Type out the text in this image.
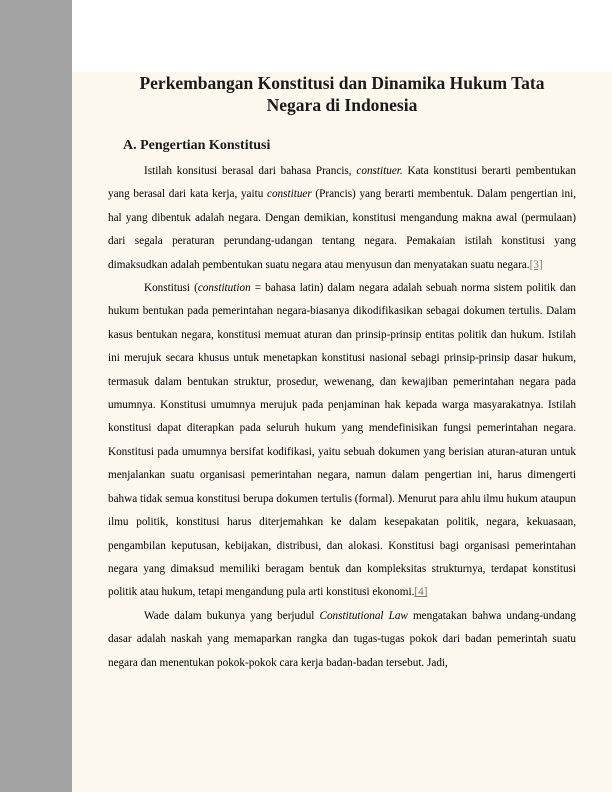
Perkembangan Konstitusi dan Dinamika Hukum Tata Negara di Indonesia
A. Pengertian Konstitusi

Istilah konsitusi berasal dari bahasa Prancis, constituer. Kata konstitusi berarti pembentukan yang berasal dari kata kerja, yaitu constituer (Prancis) yang berarti membentuk. Dalam pengertian ini, hal yang dibentuk adalah negara. Dengan demikian, konstitusi mengandung makna awal (permulaan) dari segala peraturan perundang-udangan tentang negara. Pemakaian istilah konstitusi yang dimaksudkan adalah pembentukan suatu negara atau menyusun dan menyatakan suatu negara.[3]

Konstitusi (constitution = bahasa latin) dalam negara adalah sebuah norma sistem politik dan hukum bentukan pada pemerintahan negara-biasanya dikodifikasikan sebagai dokumen tertulis. Dalam kasus bentukan negara, konstitusi memuat aturan dan prinsip-prinsip entitas politik dan hukum. Istilah ini merujuk secara khusus untuk menetapkan konstitusi nasional sebagi prinsip-prinsip dasar hukum, termasuk dalam bentukan struktur, prosedur, wewenang, dan kewajiban pemerintahan negara pada umumnya. Konstitusi umumnya merujuk pada penjaminan hak kepada warga masyarakatnya. Istilah konstitusi dapat diterapkan pada seluruh hukum yang mendefinisikan fungsi pemerintahan negara. Konstitusi pada umumnya bersifat kodifikasi, yaitu sebuah dokumen yang berisian aturan-aturan untuk menjalankan suatu organisasi pemerintahan negara, namun dalam pengertian ini, harus dimengerti bahwa tidak semua konstitusi berupa dokumen tertulis (formal). Menurut para ahlu ilmu hukum ataupun ilmu politik, konstitusi harus diterjemahkan ke dalam kesepakatan politik, negara, kekuasaan, pengambilan keputusan, kebijakan, distribusi, dan alokasi. Konstitusi bagi organisasi pemerintahan negara yang dimaksud memiliki beragam bentuk dan kompleksitas strukturnya, terdapat konstitusi politik atau hukum, tetapi mengandung pula arti konstitusi ekonomi.[4]

Wade dalam bukunya yang berjudul Constitutional Law mengatakan bahwa undang-undang dasar adalah naskah yang memaparkan rangka dan tugas-tugas pokok dari badan pemerintah suatu negara dan menentukan pokok-pokok cara kerja badan-badan tersebut. Jadi,
